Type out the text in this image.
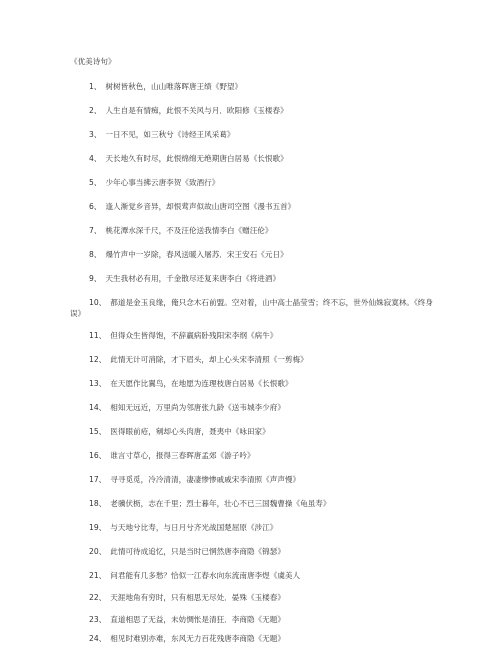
《优美诗句》
1、 树树皆秋色，山山唯落晖唐王绩《野望》
2、 人生自是有情痴，此恨不关风与月．欧阳修《玉楼春》
3、 一日不见，如三秋兮《诗经王风采葛》
4、 天长地久有时尽，此恨绵绵无绝期唐白居易《长恨歌》
5、 少年心事当拂云唐李贺《致酒行》
6、 逢人渐觉乡音异，却恨莺声似故山唐司空图《漫书五首》
7、 桃花潭水深千尺，不及汪伦送我情李白《赠汪伦》
8、 爆竹声中一岁除，春风送暖入屠苏．宋王安石《元日》
9、 天生我材必有用，千金散尽还复来唐李白《将进酒》
10、 都道是金玉良缘，俺只念木石前盟。空对着，山中高士晶莹雪；终不忘，世外仙姝寂寞林。《终身误》
11、 但得众生皆得饱，不辞羸病卧残阳宋李纲《病牛》
12、 此情无计可消除，才下眉头，却上心头宋李清照《一剪梅》
13、 在天愿作比翼鸟，在地愿为连理枝唐白居易《长恨歌》
14、 相知无远近，万里尚为邻唐张九龄《送韦城李少府》
15、 医得眼前疮，剜却心头肉唐，聂夷中《咏田家》
16、 谁言寸草心，报得三春晖唐孟郊《游子吟》
17、 寻寻觅觅，冷冷清清，凄凄惨惨戚戚宋李清照《声声慢》
18、 老骥伏枥，志在千里；烈士暮年，壮心不已三国魏曹操《龟虽寿》
19、 与天地兮比寿，与日月兮齐光战国楚屈原《涉江》
20、 此情可待成追忆，只是当时已惘然唐李商隐《锦瑟》
21、 问君能有几多愁？恰似一江春水向东流南唐李煜《虞美人
22、 天涯地角有穷时，只有相思无尽处．晏殊《玉楼春》
23、 直道相思了无益，未妨惆怅是清狂．李商隐《无题》
24、 相见时难别亦难，东风无力百花残唐李商隐《无题》
